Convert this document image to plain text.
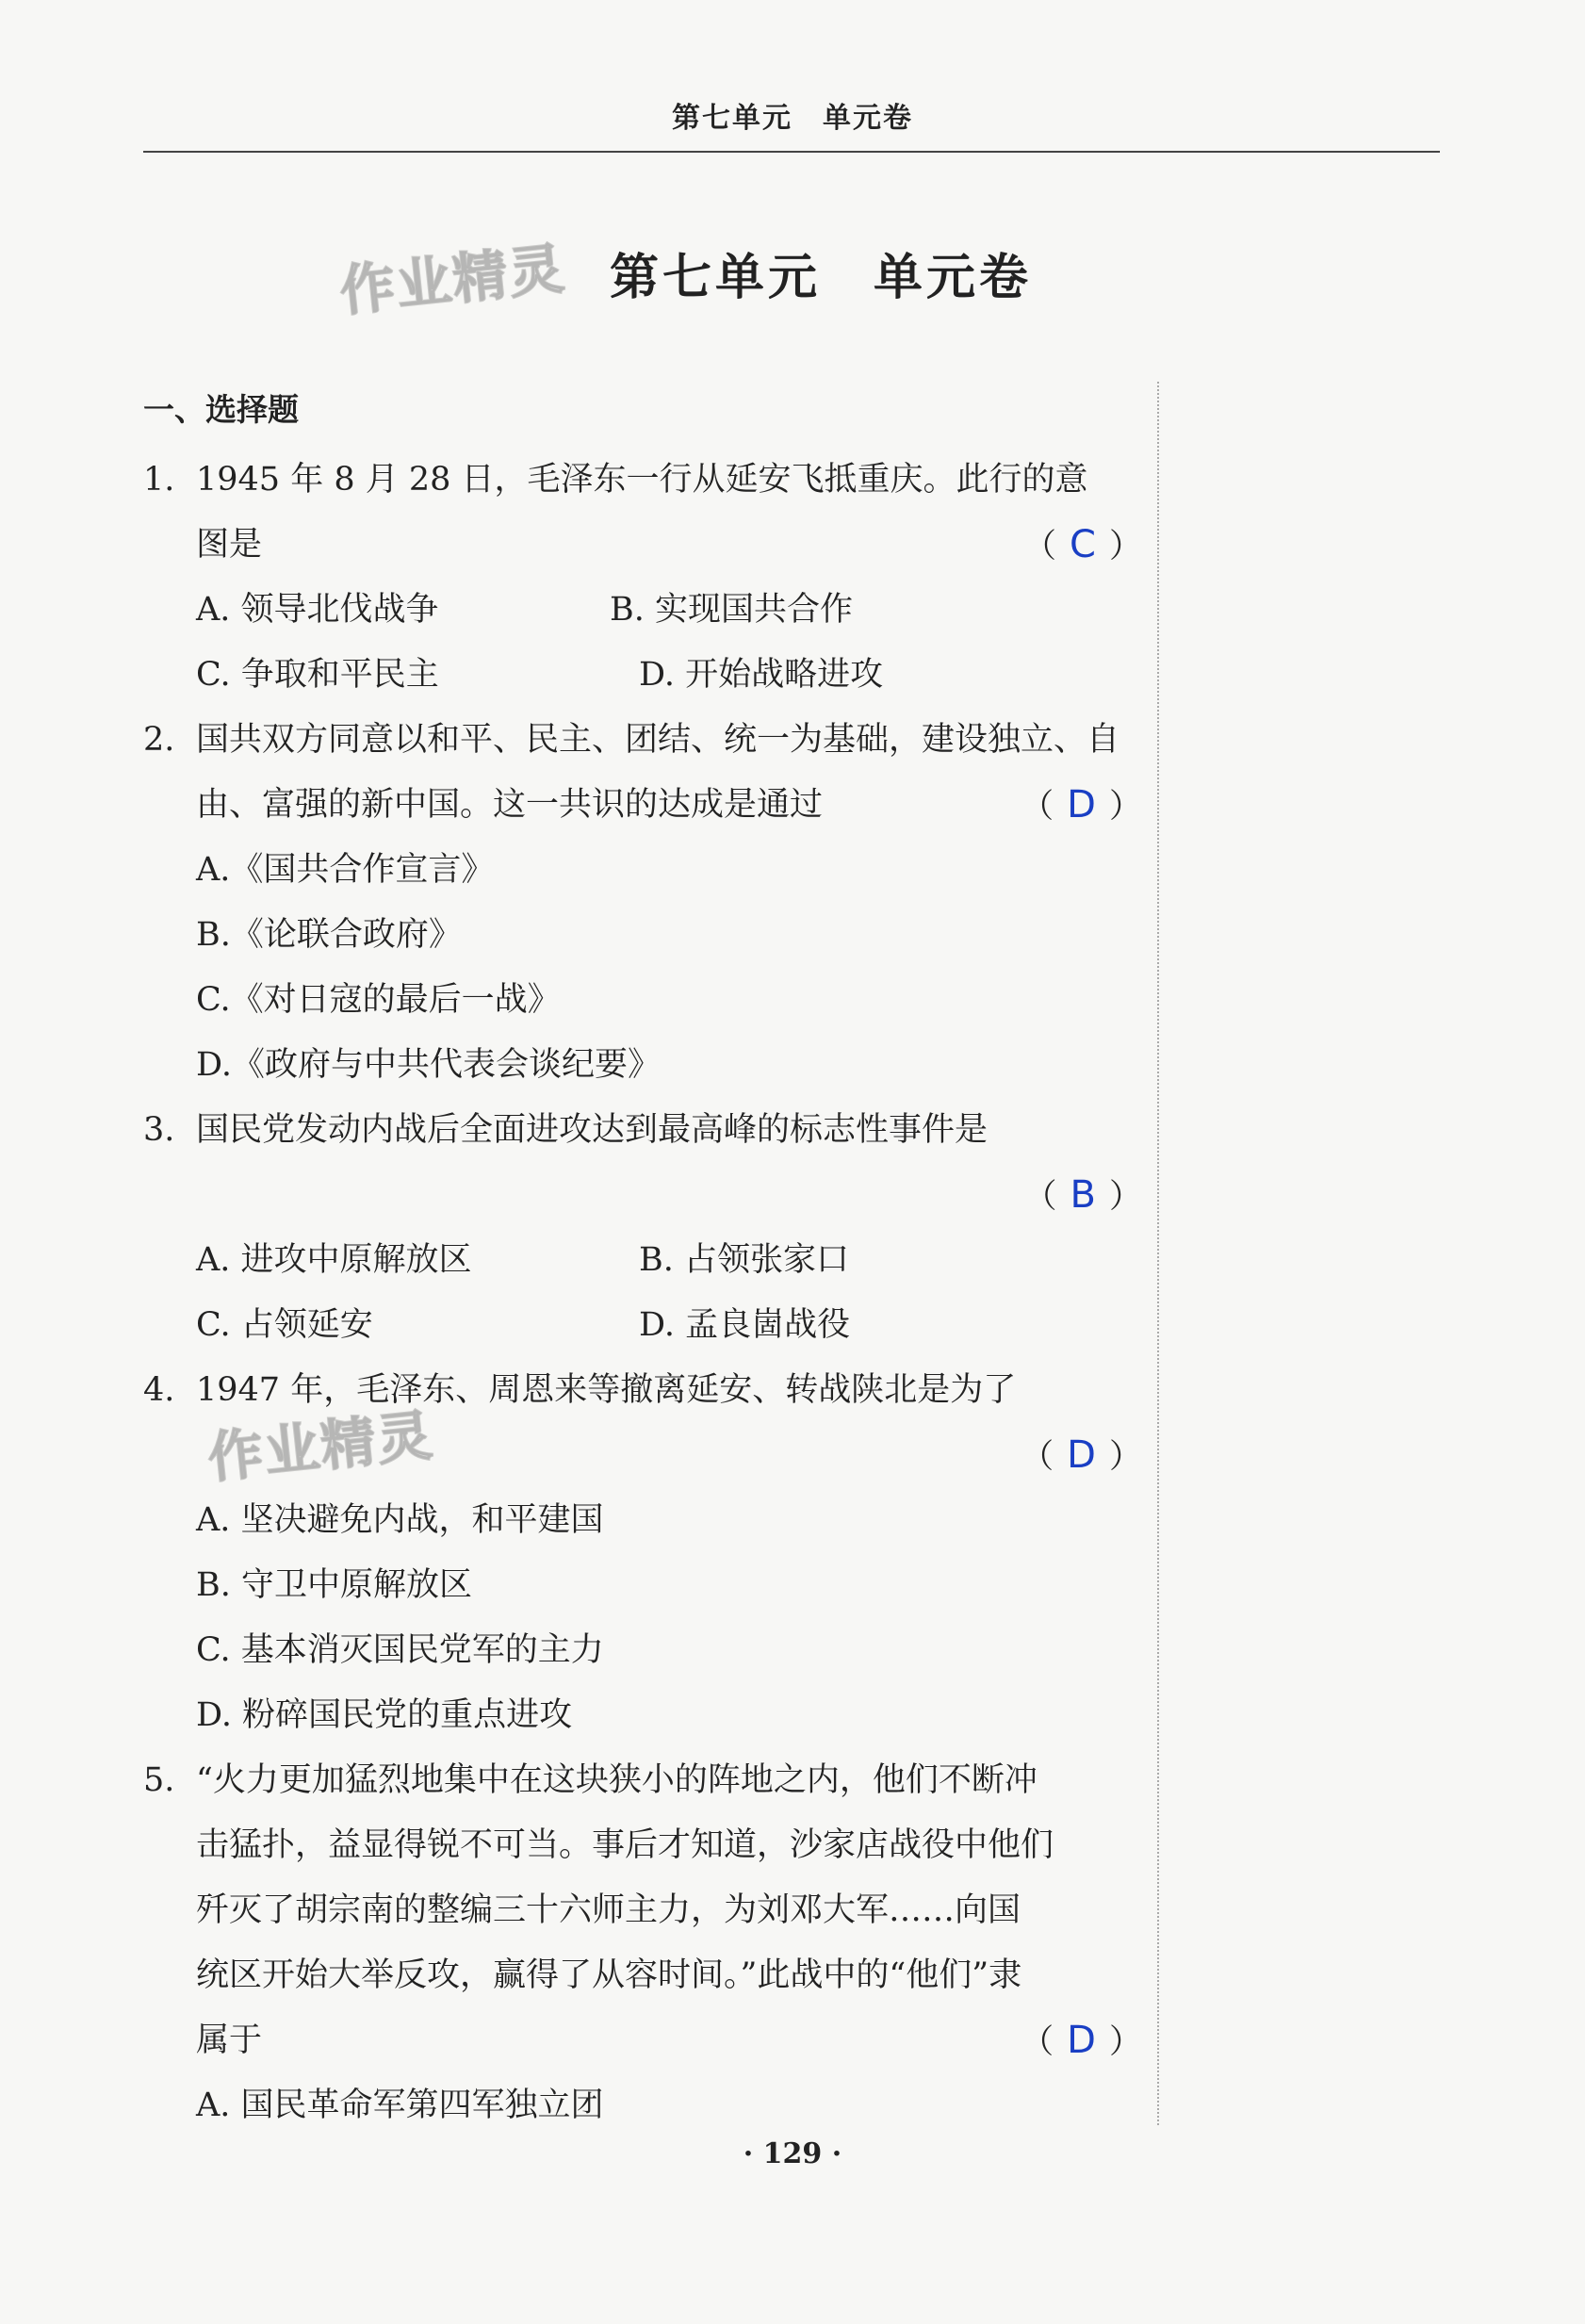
第七单元　单元卷
作业精灵 第七单元　单元卷
一、选择题
1. 1945 年 8 月 28 日，毛泽东一行从延安飞抵重庆。此行的意
图是	（ C ）
A. 领导北伐战争	B. 实现国共合作
C. 争取和平民主	D. 开始战略进攻
2. 国共双方同意以和平、民主、团结、统一为基础，建设独立、自
由、富强的新中国。这一共识的达成是通过	（ D ）
A.《国共合作宣言》
B.《论联合政府》
C.《对日寇的最后一战》
D.《政府与中共代表会谈纪要》
3. 国民党发动内战后全面进攻达到最高峰的标志性事件是
（ B ）
A. 进攻中原解放区	B. 占领张家口
C. 占领延安	D. 孟良崮战役
4. 1947 年，毛泽东、周恩来等撤离延安、转战陕北是为了
（ D ）
A. 坚决避免内战，和平建国
B. 守卫中原解放区
C. 基本消灭国民党军的主力
D. 粉碎国民党的重点进攻
5. “火力更加猛烈地集中在这块狭小的阵地之内，他们不断冲
击猛扑，益显得锐不可当。事后才知道，沙家店战役中他们
歼灭了胡宗南的整编三十六师主力，为刘邓大军……向国
统区开始大举反攻，赢得了从容时间。”此战中的“他们”隶
属于	（ D ）
A. 国民革命军第四军独立团
作业精灵
· 129 ·
